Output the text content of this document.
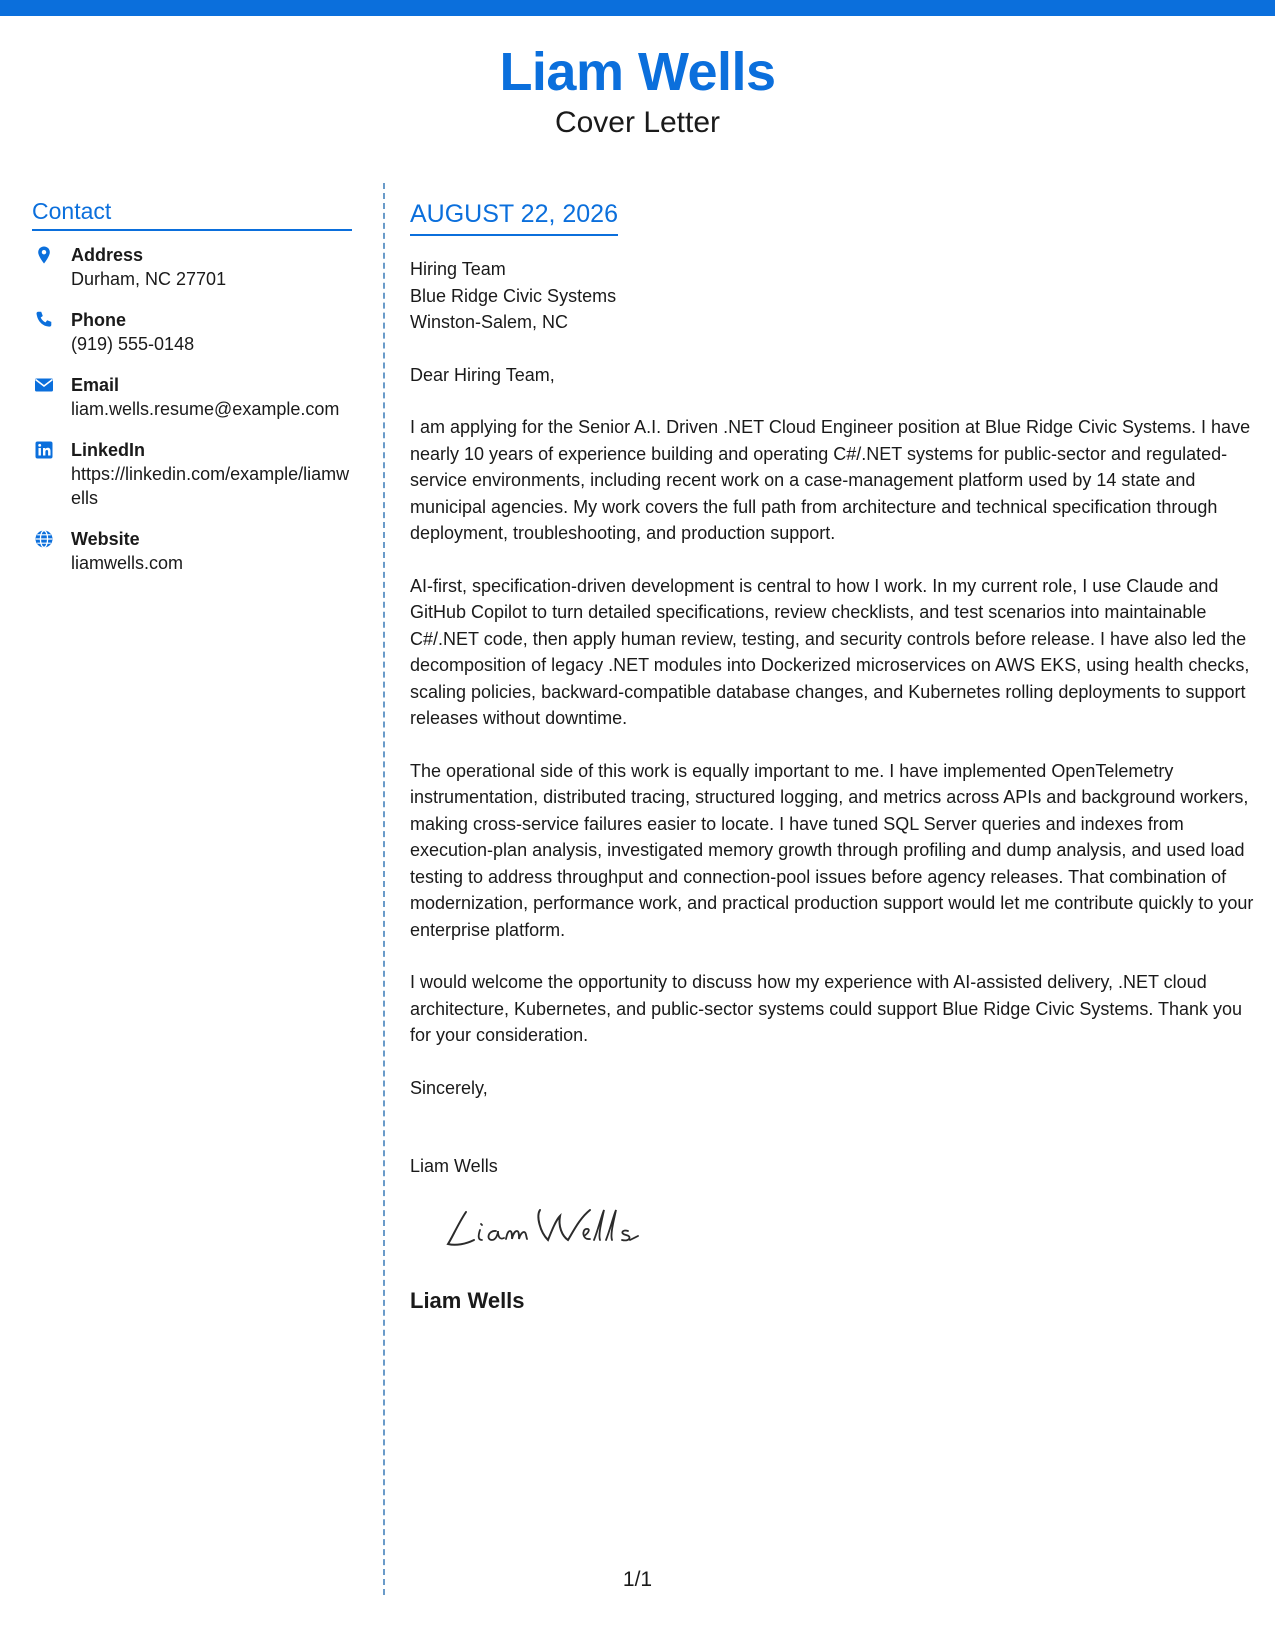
Liam Wells
Cover Letter
Contact
Address
Durham, NC 27701
Phone
(919) 555-0148
Email
liam.wells.resume@example.com
LinkedIn
https://linkedin.com/example/liamwells
Website
liamwells.com
AUGUST 22, 2026
Hiring Team
Blue Ridge Civic Systems
Winston-Salem, NC
Dear Hiring Team,
I am applying for the Senior A.I. Driven .NET Cloud Engineer position at Blue Ridge Civic Systems. I have nearly 10 years of experience building and operating C#/.NET systems for public-sector and regulated-service environments, including recent work on a case-management platform used by 14 state and municipal agencies. My work covers the full path from architecture and technical specification through deployment, troubleshooting, and production support.
AI-first, specification-driven development is central to how I work. In my current role, I use Claude and GitHub Copilot to turn detailed specifications, review checklists, and test scenarios into maintainable C#/.NET code, then apply human review, testing, and security controls before release. I have also led the decomposition of legacy .NET modules into Dockerized microservices on AWS EKS, using health checks, scaling policies, backward-compatible database changes, and Kubernetes rolling deployments to support releases without downtime.
The operational side of this work is equally important to me. I have implemented OpenTelemetry instrumentation, distributed tracing, structured logging, and metrics across APIs and background workers, making cross-service failures easier to locate. I have tuned SQL Server queries and indexes from execution-plan analysis, investigated memory growth through profiling and dump analysis, and used load testing to address throughput and connection-pool issues before agency releases. That combination of modernization, performance work, and practical production support would let me contribute quickly to your enterprise platform.
I would welcome the opportunity to discuss how my experience with AI-assisted delivery, .NET cloud architecture, Kubernetes, and public-sector systems could support Blue Ridge Civic Systems. Thank you for your consideration.
Sincerely,
Liam Wells
Liam Wells
Liam Wells
1/1
